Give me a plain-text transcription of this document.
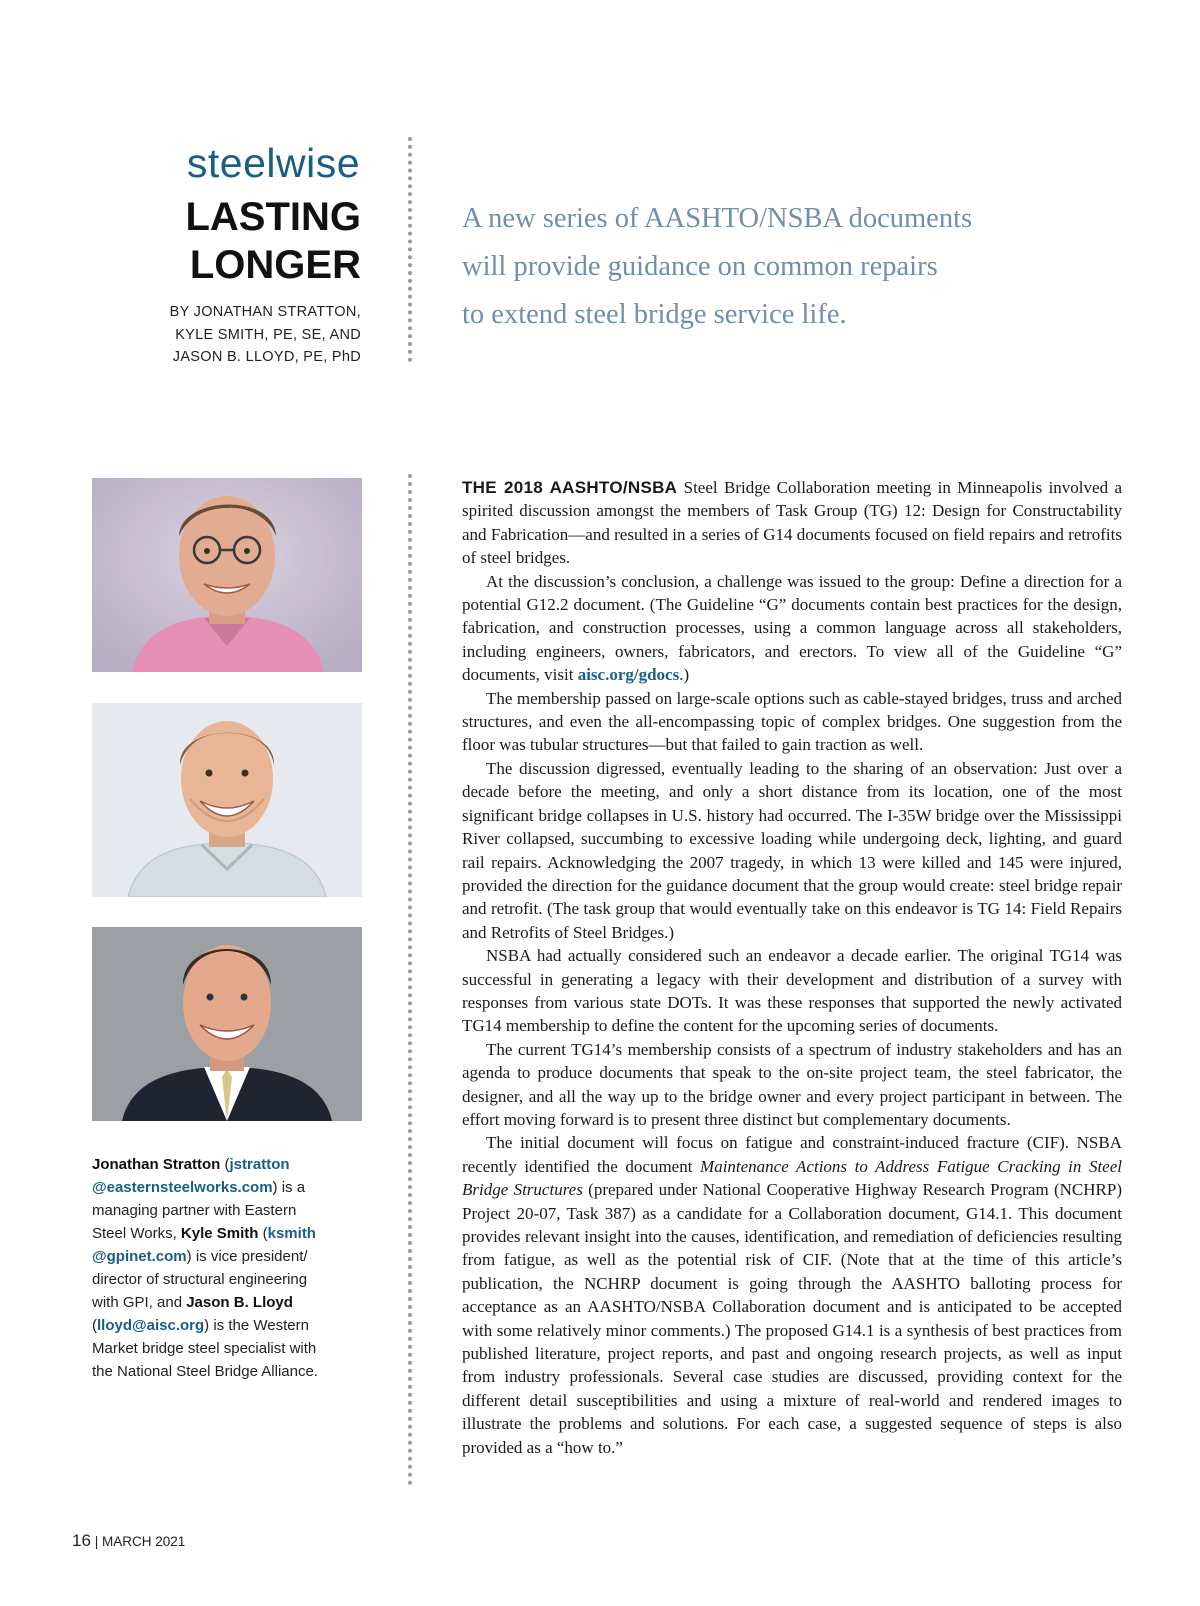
steelwise
LASTING
LONGER
BY JONATHAN STRATTON,
KYLE SMITH, PE, SE, AND
JASON B. LLOYD, PE, PhD
A new series of AASHTO/NSBA documents
will provide guidance on common repairs
to extend steel bridge service life.
Jonathan Stratton (jstratton
@easternsteelworks.com) is a
managing partner with Eastern
Steel Works, Kyle Smith (ksmith
@gpinet.com) is vice president/
director of structural engineering
with GPI, and Jason B. Lloyd
(lloyd@aisc.org) is the Western
Market bridge steel specialist with
the National Steel Bridge Alliance.

THE 2018 AASHTO/NSBA Steel Bridge Collaboration meeting in Minneapolis involved a spirited discussion amongst the members of Task Group (TG) 12: Design for Constructability and Fabrication—and resulted in a series of G14 documents focused on field repairs and retrofits of steel bridges.

At the discussion’s conclusion, a challenge was issued to the group: Define a direction for a potential G12.2 document. (The Guideline “G” documents contain best practices for the design, fabrication, and construction processes, using a common language across all stakeholders, including engineers, owners, fabricators, and erectors. To view all of the Guideline “G” documents, visit aisc.org/gdocs.)

The membership passed on large-scale options such as cable-stayed bridges, truss and arched structures, and even the all-encompassing topic of complex bridges. One suggestion from the floor was tubular structures—but that failed to gain traction as well.

The discussion digressed, eventually leading to the sharing of an observation: Just over a decade before the meeting, and only a short distance from its location, one of the most significant bridge collapses in U.S. history had occurred. The I-35W bridge over the Mississippi River collapsed, succumbing to excessive loading while undergoing deck, lighting, and guard rail repairs. Acknowledging the 2007 tragedy, in which 13 were killed and 145 were injured, provided the direction for the guidance document that the group would create: steel bridge repair and retrofit. (The task group that would eventually take on this endeavor is TG 14: Field Repairs and Retrofits of Steel Bridges.)

NSBA had actually considered such an endeavor a decade earlier. The original TG14 was successful in generating a legacy with their development and distribution of a survey with responses from various state DOTs. It was these responses that supported the newly activated TG14 membership to define the content for the upcoming series of documents.

The current TG14’s membership consists of a spectrum of industry stakeholders and has an agenda to produce documents that speak to the on-site project team, the steel fabricator, the designer, and all the way up to the bridge owner and every project participant in between. The effort moving forward is to present three distinct but complementary documents.

The initial document will focus on fatigue and constraint-induced fracture (CIF). NSBA recently identified the document Maintenance Actions to Address Fatigue Cracking in Steel Bridge Structures (prepared under National Cooperative Highway Research Program (NCHRP) Project 20-07, Task 387) as a candidate for a Collaboration document, G14.1. This document provides relevant insight into the causes, identification, and remediation of deficiencies resulting from fatigue, as well as the potential risk of CIF. (Note that at the time of this article’s publication, the NCHRP document is going through the AASHTO balloting process for acceptance as an AASHTO/NSBA Collaboration document and is anticipated to be accepted with some relatively minor comments.) The proposed G14.1 is a synthesis of best practices from published literature, project reports, and past and ongoing research projects, as well as input from industry professionals. Several case studies are discussed, providing context for the different detail susceptibilities and using a mixture of real-world and rendered images to illustrate the problems and solutions. For each case, a suggested sequence of steps is also provided as a “how to.”

16 | MARCH 2021
